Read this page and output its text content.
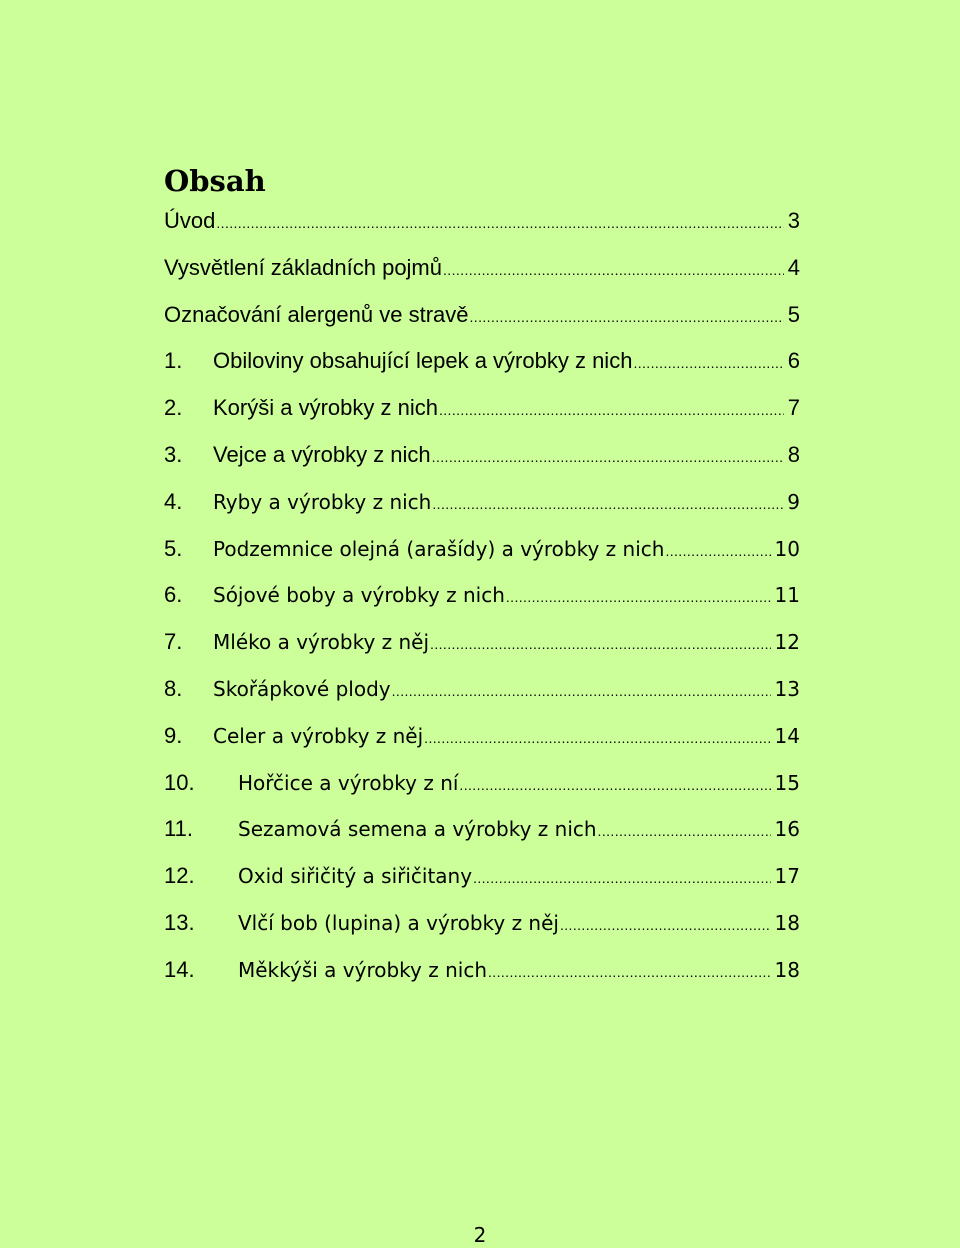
Obsah
Úvod .....	3
Vysvětlení základních pojmů .....	4
Označování alergenů ve stravě .....	5
1.	Obiloviny obsahující lepek a výrobky z nich .....	6
2.	Korýši a výrobky z nich .....	7
3.	Vejce a výrobky z nich .....	8
4.	Ryby a výrobky z nich .....	9
5.	Podzemnice olejná (arašídy) a výrobky z nich .....	10
6.	Sójové boby a výrobky z nich .....	11
7.	Mléko a výrobky z něj .....	12
8.	Skořápkové plody .....	13
9.	Celer a výrobky z něj .....	14
10.	Hořčice a výrobky z ní .....	15
11.	Sezamová semena a výrobky z nich .....	16
12.	Oxid siřičitý a siřičitany .....	17
13.	Vlčí bob (lupina) a výrobky z něj .....	18
14.	Měkkýši a výrobky z nich .....	18
2
